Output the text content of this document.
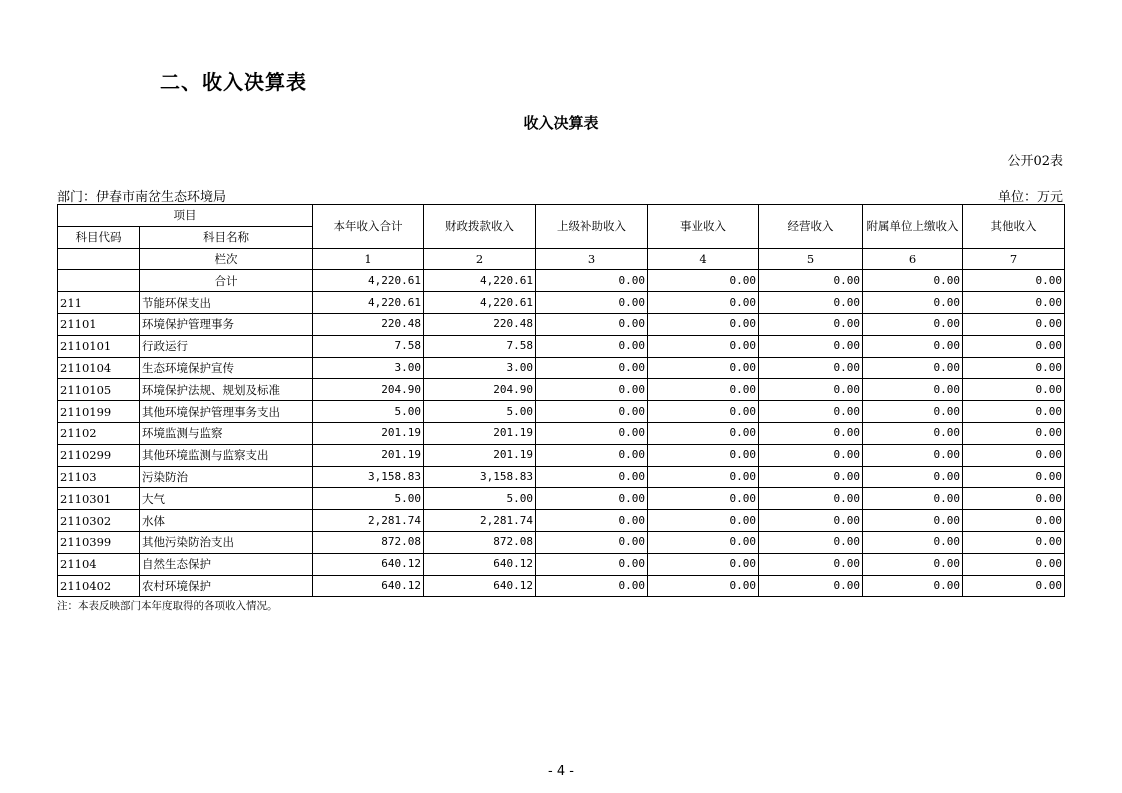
二、收入决算表
收入决算表
公开02表
部门：伊春市南岔生态环境局	单位：万元
项目		本年收入合计	财政拨款收入	上级补助收入	事业收入	经营收入	附属单位上缴收入	其他收入
科目代码	科目名称							
	栏次	1	2	3	4	5	6	7
	合计	4,220.61	4,220.61	0.00	0.00	0.00	0.00	0.00
211	节能环保支出	4,220.61	4,220.61	0.00	0.00	0.00	0.00	0.00
21101	环境保护管理事务	220.48	220.48	0.00	0.00	0.00	0.00	0.00
2110101	行政运行	7.58	7.58	0.00	0.00	0.00	0.00	0.00
2110104	生态环境保护宣传	3.00	3.00	0.00	0.00	0.00	0.00	0.00
2110105	环境保护法规、规划及标准	204.90	204.90	0.00	0.00	0.00	0.00	0.00
2110199	其他环境保护管理事务支出	5.00	5.00	0.00	0.00	0.00	0.00	0.00
21102	环境监测与监察	201.19	201.19	0.00	0.00	0.00	0.00	0.00
2110299	其他环境监测与监察支出	201.19	201.19	0.00	0.00	0.00	0.00	0.00
21103	污染防治	3,158.83	3,158.83	0.00	0.00	0.00	0.00	0.00
2110301	大气	5.00	5.00	0.00	0.00	0.00	0.00	0.00
2110302	水体	2,281.74	2,281.74	0.00	0.00	0.00	0.00	0.00
2110399	其他污染防治支出	872.08	872.08	0.00	0.00	0.00	0.00	0.00
21104	自然生态保护	640.12	640.12	0.00	0.00	0.00	0.00	0.00
2110402	农村环境保护	640.12	640.12	0.00	0.00	0.00	0.00	0.00
注：本表反映部门本年度取得的各项收入情况。
- 4 -
